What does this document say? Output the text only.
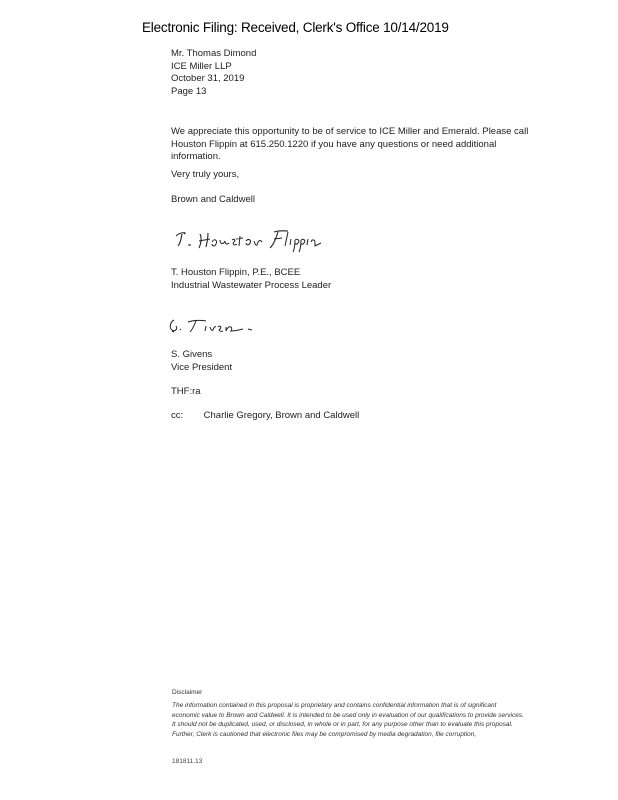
Electronic Filing: Received, Clerk's Office 10/14/2019
Mr. Thomas Dimond
ICE Miller LLP
October 31, 2019
Page 13
We appreciate this opportunity to be of service to ICE Miller and Emerald. Please call
Houston Flippin at 615.250.1220 if you have any questions or need additional
information.
Very truly yours,
Brown and Caldwell
T. Houston Flippin, P.E., BCEE
Industrial Wastewater Process Leader
S. Givens
Vice President
THF:ra
cc: Charlie Gregory, Brown and Caldwell
Disclaimer
The information contained in this proposal is proprietary and contains confidential information that is of significant
economic value to Brown and Caldwell. It is intended to be used only in evaluation of our qualifications to provide services.
It should not be duplicated, used, or disclosed, in whole or in part, for any purpose other than to evaluate this proposal.
Further, Clerk is cautioned that electronic files may be compromised by media degradation, file corruption,
181811.13
